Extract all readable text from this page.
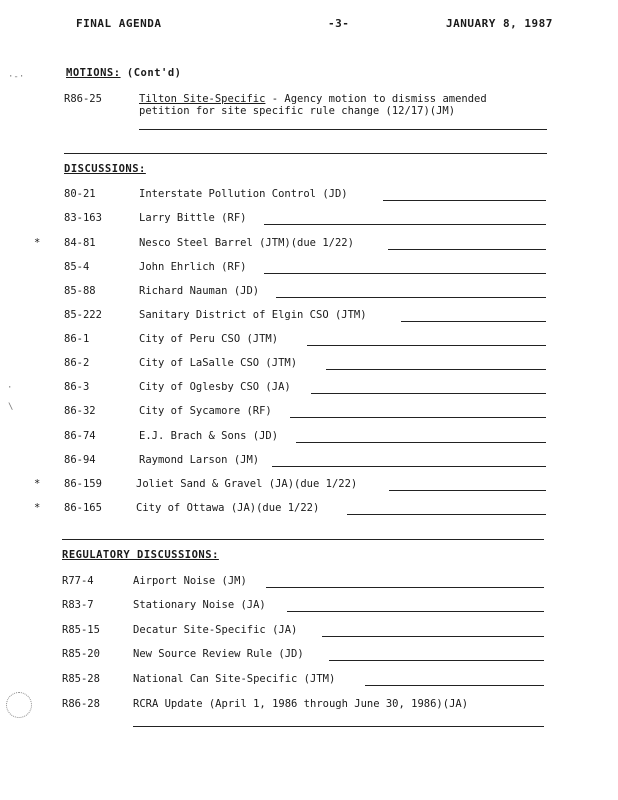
FINAL AGENDA	-3-	JANUARY 8, 1987
·-·	MOTIONS: (Cont'd)
R86-25	Tilton Site-Specific - Agency motion to dismiss amended
petition for site specific rule change (12/17)(JM)
DISCUSSIONS:
80-21	Interstate Pollution Control (JD)
83-163	Larry Bittle (RF)
* 84-81	Nesco Steel Barrel (JTM)(due 1/22)
85-4	John Ehrlich (RF)
85-88	Richard Nauman (JD)
85-222	Sanitary District of Elgin CSO (JTM)
86-1	City of Peru CSO (JTM)
86-2	City of LaSalle CSO (JTM)
86-3	City of Oglesby CSO (JA)
86-32	City of Sycamore (RF)
86-74	E.J. Brach & Sons (JD)
86-94	Raymond Larson (JM)
* 86-159	Joliet Sand & Gravel (JA)(due 1/22)
* 86-165	City of Ottawa (JA)(due 1/22)
REGULATORY DISCUSSIONS:
R77-4	Airport Noise (JM)
R83-7	Stationary Noise (JA)
R85-15	Decatur Site-Specific (JA)
R85-20	New Source Review Rule (JD)
R85-28	National Can Site-Specific (JTM)
R86-28	RCRA Update (April 1, 1986 through June 30, 1986)(JA)
·
\
